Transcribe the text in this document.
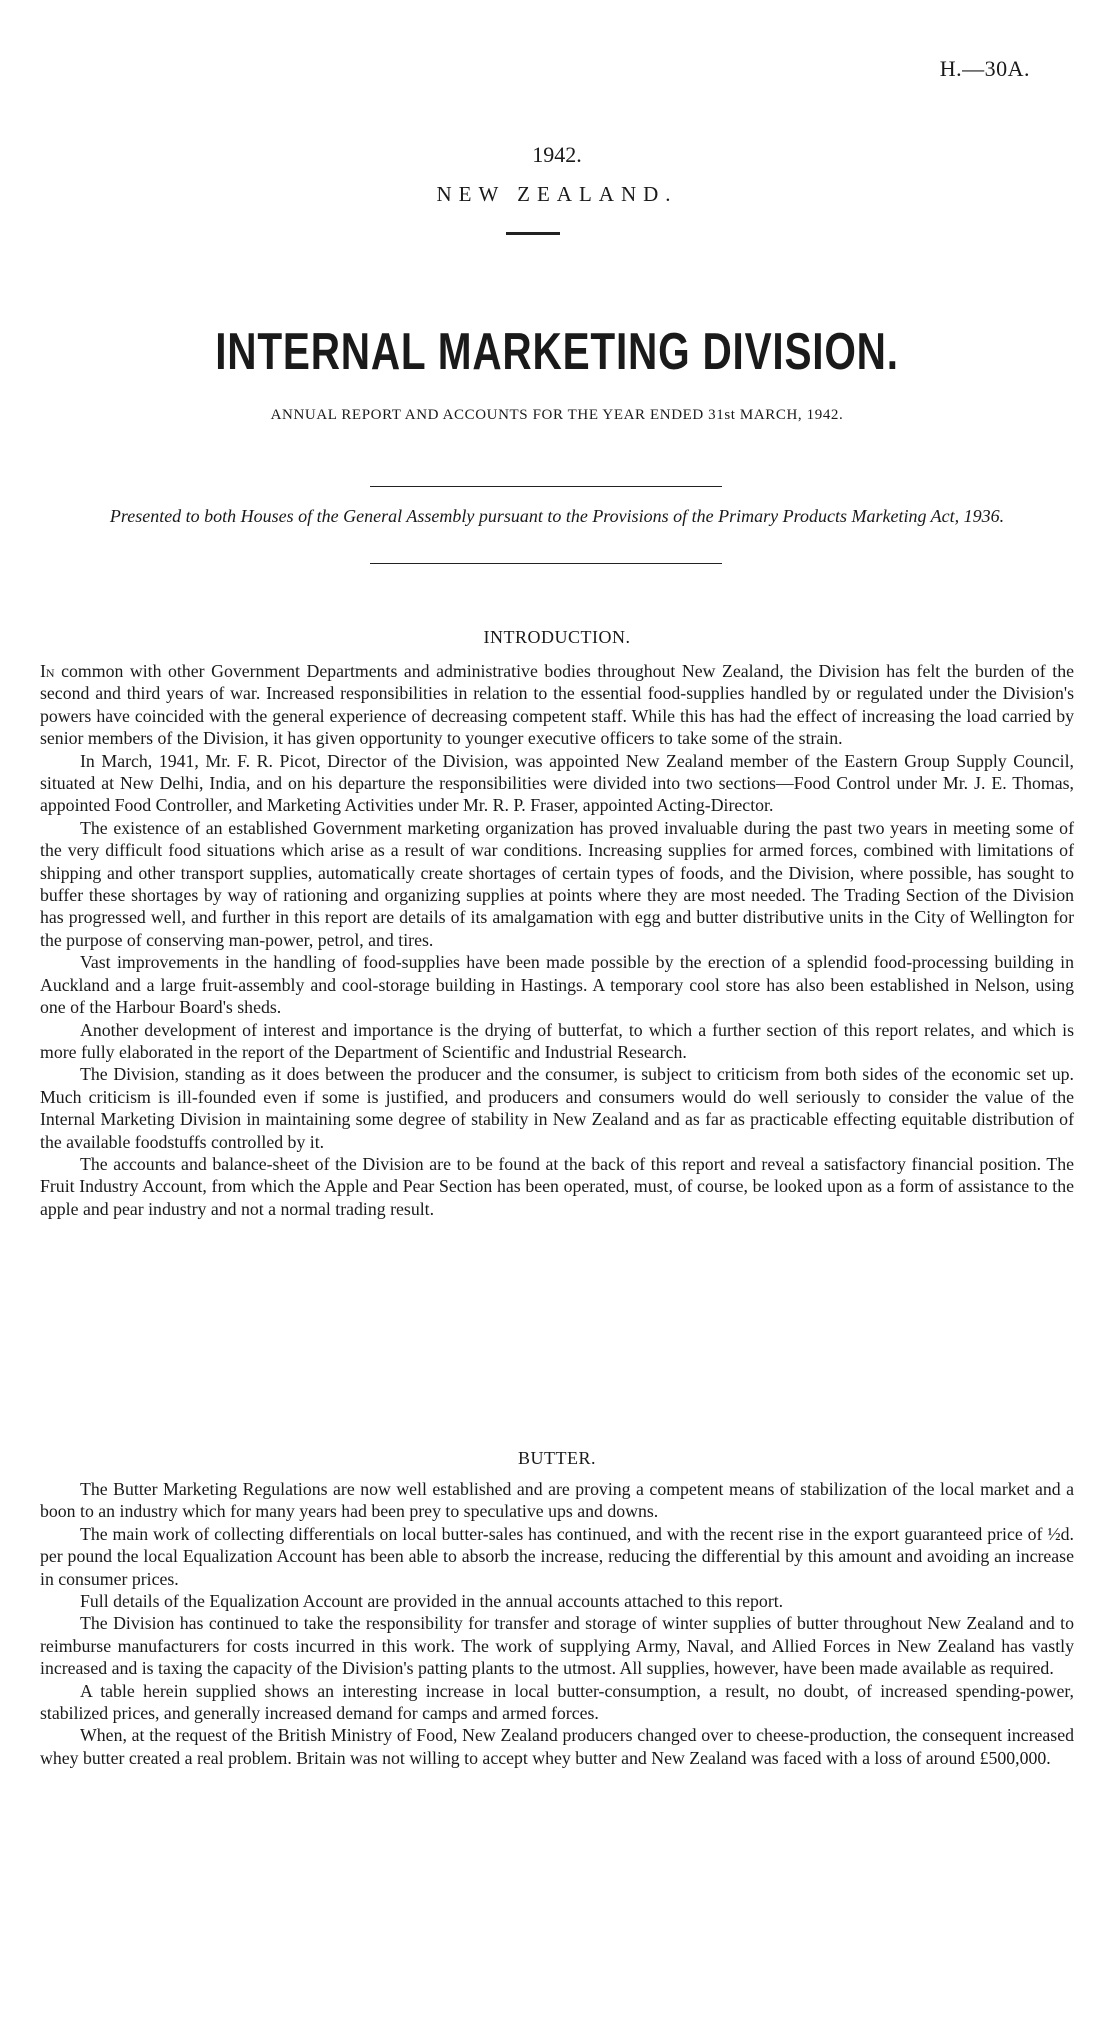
H.—30A.
1942.
NEW ZEALAND.
INTERNAL MARKETING DIVISION.
ANNUAL REPORT AND ACCOUNTS FOR THE YEAR ENDED 31st MARCH, 1942.
Presented to both Houses of the General Assembly pursuant to the Provisions of the Primary Products Marketing Act, 1936.
INTRODUCTION.

In common with other Government Departments and administrative bodies throughout New Zealand, the Division has felt the burden of the second and third years of war. Increased responsibilities in relation to the essential food-supplies handled by or regulated under the Division's powers have coincided with the general experience of decreasing competent staff. While this has had the effect of increasing the load carried by senior members of the Division, it has given opportunity to younger executive officers to take some of the strain.

In March, 1941, Mr. F. R. Picot, Director of the Division, was appointed New Zealand member of the Eastern Group Supply Council, situated at New Delhi, India, and on his departure the responsibilities were divided into two sections—Food Control under Mr. J. E. Thomas, appointed Food Controller, and Marketing Activities under Mr. R. P. Fraser, appointed Acting-Director.

The existence of an established Government marketing organization has proved invaluable during the past two years in meeting some of the very difficult food situations which arise as a result of war conditions. Increasing supplies for armed forces, combined with limitations of shipping and other transport supplies, automatically create shortages of certain types of foods, and the Division, where possible, has sought to buffer these shortages by way of rationing and organizing supplies at points where they are most needed. The Trading Section of the Division has progressed well, and further in this report are details of its amalgamation with egg and butter distributive units in the City of Wellington for the purpose of conserving man-power, petrol, and tires.

Vast improvements in the handling of food-supplies have been made possible by the erection of a splendid food-processing building in Auckland and a large fruit-assembly and cool-storage building in Hastings. A temporary cool store has also been established in Nelson, using one of the Harbour Board's sheds.

Another development of interest and importance is the drying of butterfat, to which a further section of this report relates, and which is more fully elaborated in the report of the Department of Scientific and Industrial Research.

The Division, standing as it does between the producer and the consumer, is subject to criticism from both sides of the economic set up. Much criticism is ill-founded even if some is justified, and producers and consumers would do well seriously to consider the value of the Internal Marketing Division in maintaining some degree of stability in New Zealand and as far as practicable effecting equitable distribution of the available foodstuffs controlled by it.

The accounts and balance-sheet of the Division are to be found at the back of this report and reveal a satisfactory financial position. The Fruit Industry Account, from which the Apple and Pear Section has been operated, must, of course, be looked upon as a form of assistance to the apple and pear industry and not a normal trading result.

BUTTER.

The Butter Marketing Regulations are now well established and are proving a competent means of stabilization of the local market and a boon to an industry which for many years had been prey to speculative ups and downs.

The main work of collecting differentials on local butter-sales has continued, and with the recent rise in the export guaranteed price of ½d. per pound the local Equalization Account has been able to absorb the increase, reducing the differential by this amount and avoiding an increase in consumer prices.

Full details of the Equalization Account are provided in the annual accounts attached to this report.

The Division has continued to take the responsibility for transfer and storage of winter supplies of butter throughout New Zealand and to reimburse manufacturers for costs incurred in this work. The work of supplying Army, Naval, and Allied Forces in New Zealand has vastly increased and is taxing the capacity of the Division's patting plants to the utmost. All supplies, however, have been made available as required.

A table herein supplied shows an interesting increase in local butter-consumption, a result, no doubt, of increased spending-power, stabilized prices, and generally increased demand for camps and armed forces.

When, at the request of the British Ministry of Food, New Zealand producers changed over to cheese-production, the consequent increased whey butter created a real problem. Britain was not willing to accept whey butter and New Zealand was faced with a loss of around £500,000.
